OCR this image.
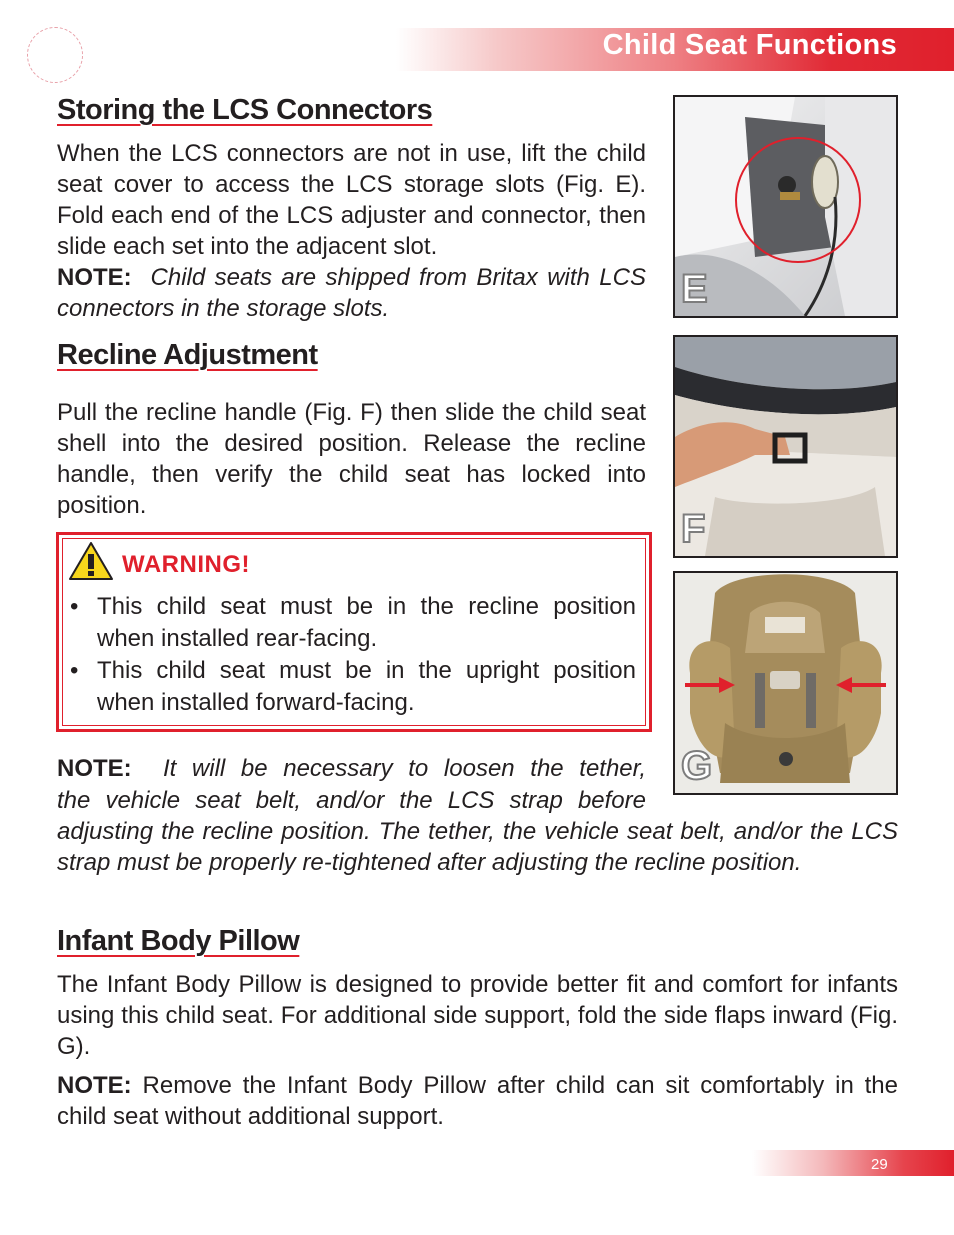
Child Seat Functions
Storing the LCS Connectors
When the LCS connectors are not in use, lift the child seat cover to access the LCS storage slots (Fig. E). Fold each end of the LCS adjuster and connector, then slide each set into the adjacent slot.
NOTE: Child seats are shipped from Britax with LCS connectors in the storage slots.	E
Recline Adjustment
Pull the recline handle (Fig. F) then slide the child seat shell into the desired position. Release the recline handle, then verify the child seat has locked into position.
F
WARNING!
• This child seat must be in the recline position when installed rear-facing.
• This child seat must be in the upright position when installed forward-facing.
NOTE: It will be necessary to loosen the tether,
the vehicle seat belt, and/or the LCS strap before
adjusting the recline position. The tether, the vehicle seat belt, and/or the LCS strap must be properly re-tightened after adjusting the recline position.
G
Infant Body Pillow
The Infant Body Pillow is designed to provide better fit and comfort for infants using this child seat. For additional side support, fold the side flaps inward (Fig. G).
NOTE: Remove the Infant Body Pillow after child can sit comfortably in the child seat without additional support.
29
